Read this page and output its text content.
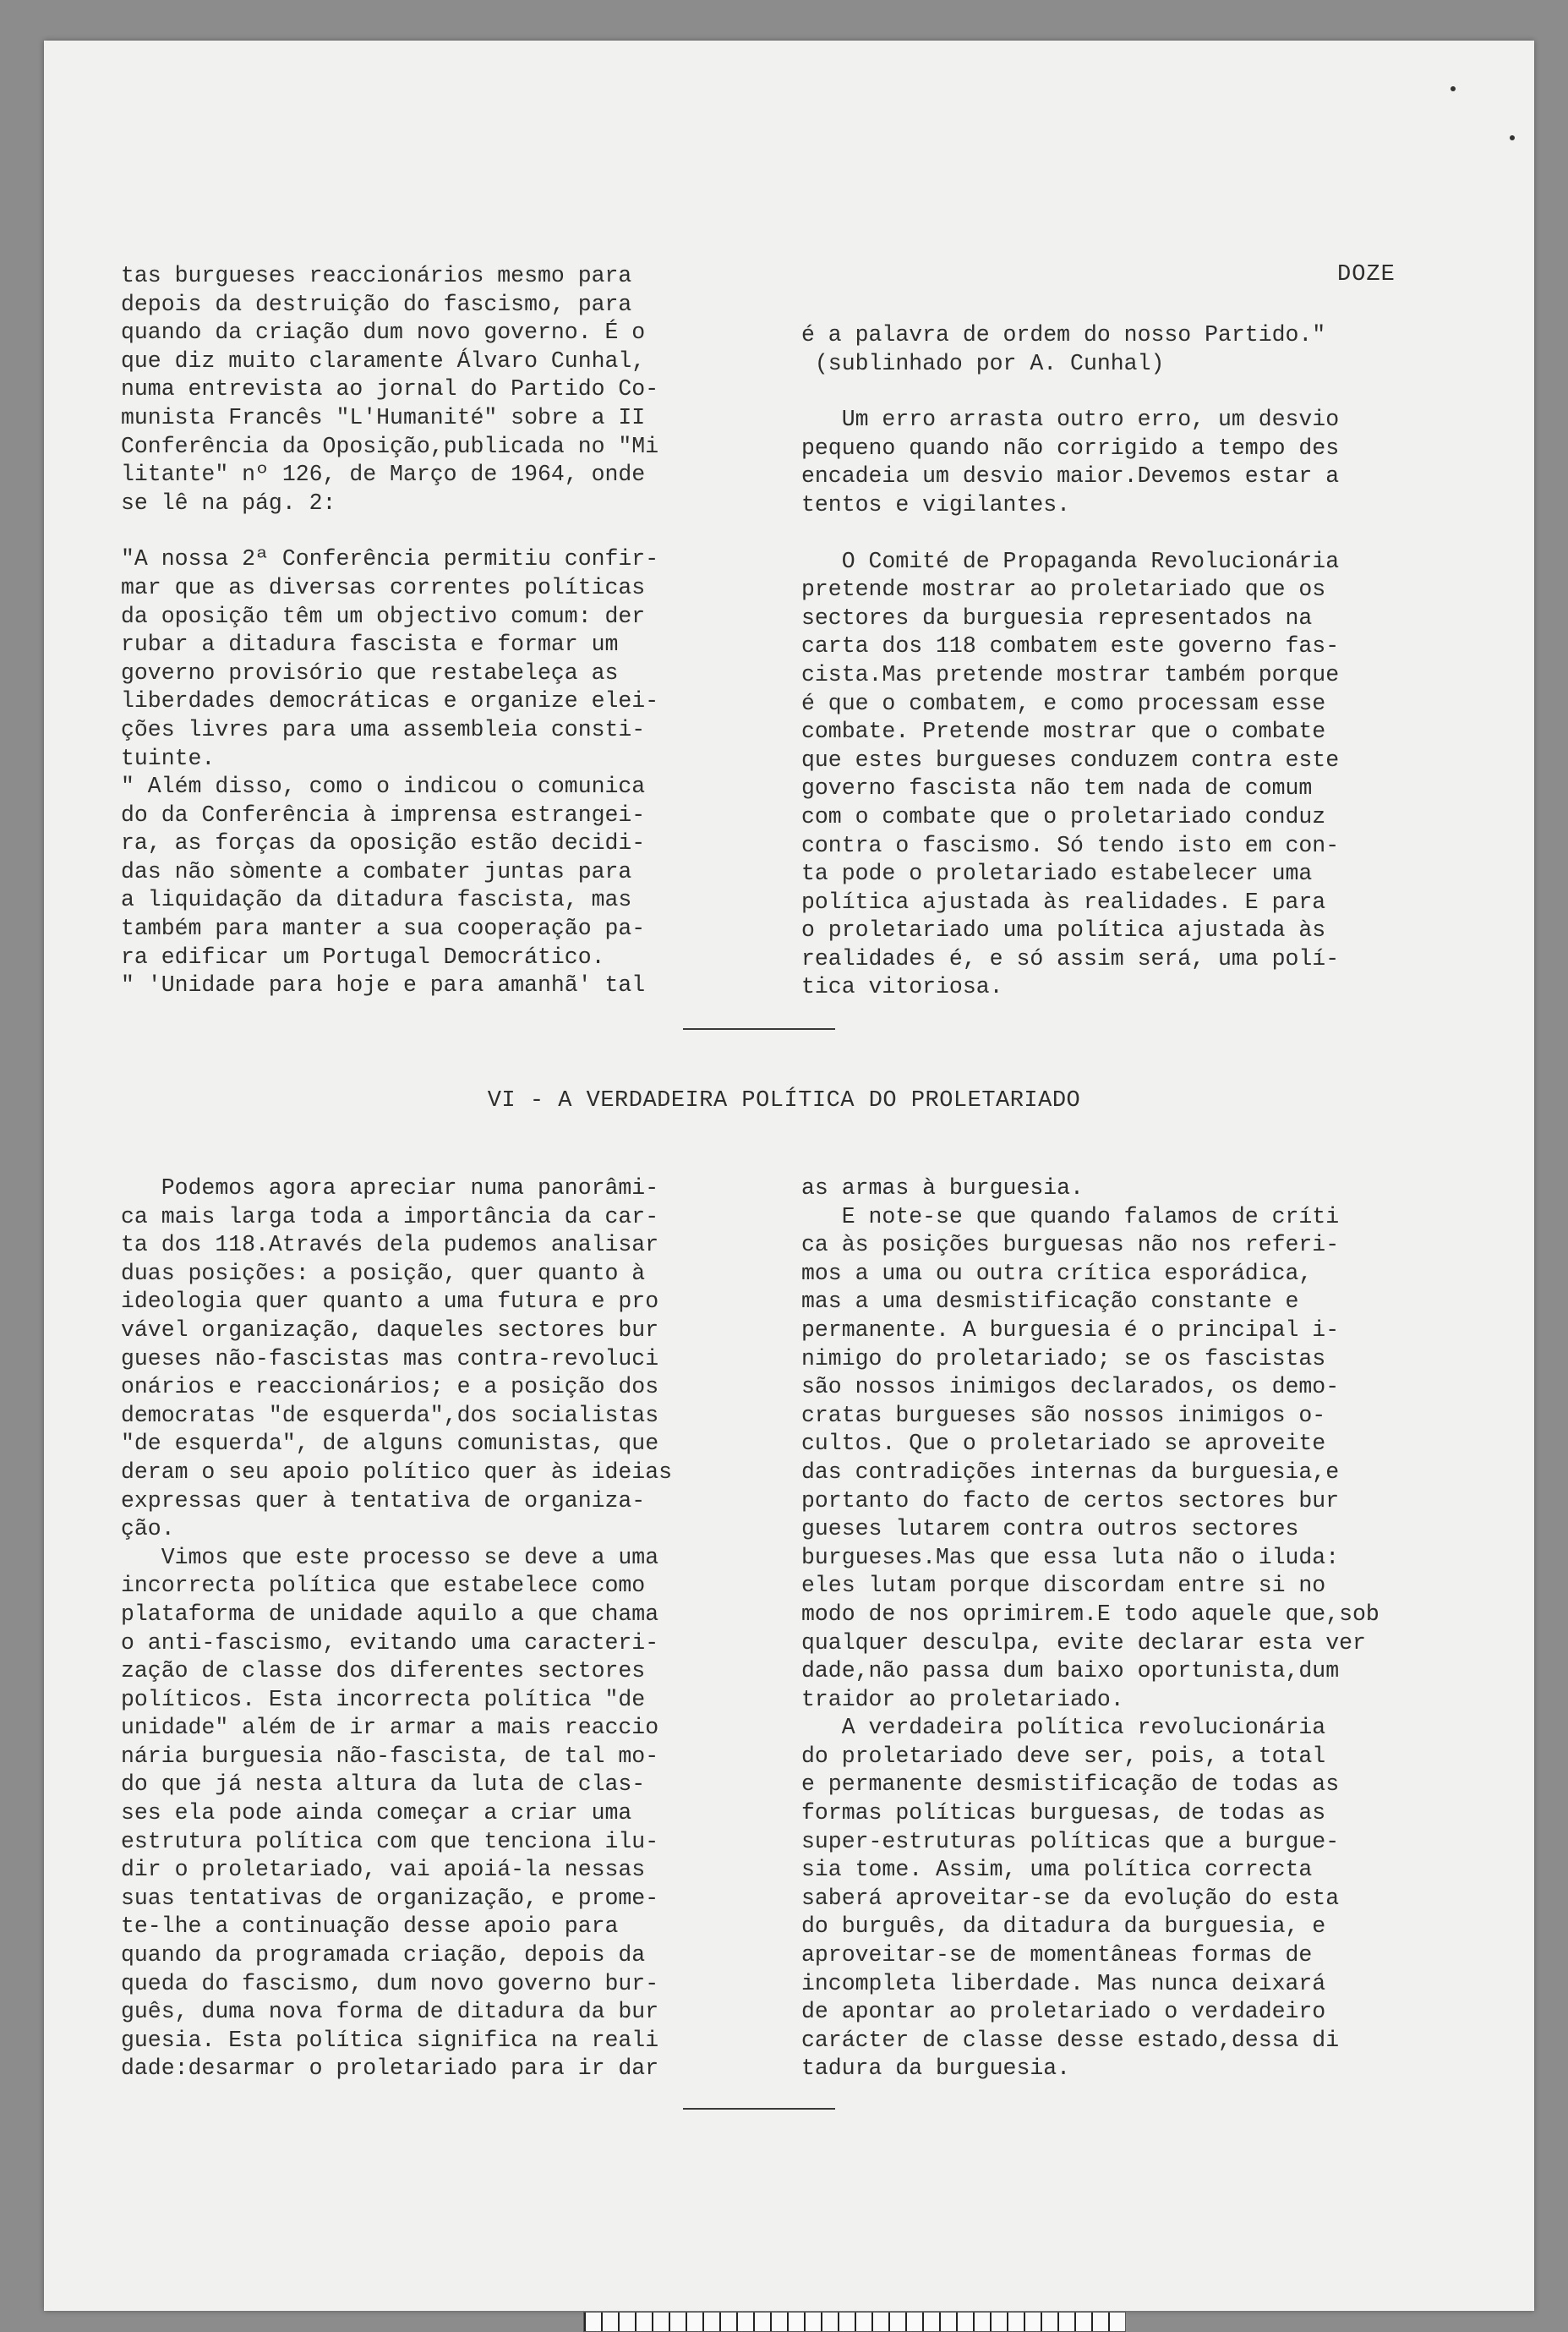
DOZE

tas burgueses reaccionários mesmo para

depois da destruição do fascismo, para

quando da criação dum novo governo. É o

que diz muito claramente Álvaro Cunhal,

numa entrevista ao jornal do Partido Co-

munista Francês "L'Humanité" sobre a II

Conferência da Oposição,publicada no "Mi

litante" nº 126, de Março de 1964, onde

se lê na pág. 2:

"A nossa 2ª Conferência permitiu confir-

mar que as diversas correntes políticas

da oposição têm um objectivo comum: der

rubar a ditadura fascista e formar um

governo provisório que restabeleça as

liberdades democráticas e organize elei-

ções livres para uma assembleia consti-

tuinte.

" Além disso, como o indicou o comunica

do da Conferência à imprensa estrangei-

ra, as forças da oposição estão decidi-

das não sòmente a combater juntas para

a liquidação da ditadura fascista, mas

também para manter a sua cooperação pa-

ra edificar um Portugal Democrático.

" 'Unidade para hoje e para amanhã' tal

é a palavra de ordem do nosso Partido."

(sublinhado por A. Cunhal)

Um erro arrasta outro erro, um desvio

pequeno quando não corrigido a tempo des

encadeia um desvio maior.Devemos estar a

tentos e vigilantes.

O Comité de Propaganda Revolucionária

pretende mostrar ao proletariado que os

sectores da burguesia representados na

carta dos 118 combatem este governo fas-

cista.Mas pretende mostrar também porque

é que o combatem, e como processam esse

combate. Pretende mostrar que o combate

que estes burgueses conduzem contra este

governo fascista não tem nada de comum

com o combate que o proletariado conduz

contra o fascismo. Só tendo isto em con-

ta pode o proletariado estabelecer uma

política ajustada às realidades. E para

o proletariado uma política ajustada às

realidades é, e só assim será, uma polí-

tica vitoriosa.

VI - A VERDADEIRA POLÍTICA DO PROLETARIADO

Podemos agora apreciar numa panorâmi-

ca mais larga toda a importância da car-

ta dos 118.Através dela pudemos analisar

duas posições: a posição, quer quanto à

ideologia quer quanto a uma futura e pro

vável organização, daqueles sectores bur

gueses não-fascistas mas contra-revoluci

onários e reaccionários; e a posição dos

democratas "de esquerda",dos socialistas

"de esquerda", de alguns comunistas, que

deram o seu apoio político quer às ideias

expressas quer à tentativa de organiza-

ção.

Vimos que este processo se deve a uma

incorrecta política que estabelece como

plataforma de unidade aquilo a que chama

o anti-fascismo, evitando uma caracteri-

zação de classe dos diferentes sectores

políticos. Esta incorrecta política "de

unidade" além de ir armar a mais reaccio

nária burguesia não-fascista, de tal mo-

do que já nesta altura da luta de clas-

ses ela pode ainda começar a criar uma

estrutura política com que tenciona ilu-

dir o proletariado, vai apoiá-la nessas

suas tentativas de organização, e prome-

te-lhe a continuação desse apoio para

quando da programada criação, depois da

queda do fascismo, dum novo governo bur-

guês, duma nova forma de ditadura da bur

guesia. Esta política significa na reali

dade:desarmar o proletariado para ir dar

as armas à burguesia.

E note-se que quando falamos de críti

ca às posições burguesas não nos referi-

mos a uma ou outra crítica esporádica,

mas a uma desmistificação constante e

permanente. A burguesia é o principal i-

nimigo do proletariado; se os fascistas

são nossos inimigos declarados, os demo-

cratas burgueses são nossos inimigos o-

cultos. Que o proletariado se aproveite

das contradições internas da burguesia,e

portanto do facto de certos sectores bur

gueses lutarem contra outros sectores

burgueses.Mas que essa luta não o iluda:

eles lutam porque discordam entre si no

modo de nos oprimirem.E todo aquele que,sob

qualquer desculpa, evite declarar esta ver

dade,não passa dum baixo oportunista,dum

traidor ao proletariado.

A verdadeira política revolucionária

do proletariado deve ser, pois, a total

e permanente desmistificação de todas as

formas políticas burguesas, de todas as

super-estruturas políticas que a burgue-

sia tome. Assim, uma política correcta

saberá aproveitar-se da evolução do esta

do burguês, da ditadura da burguesia, e

aproveitar-se de momentâneas formas de

incompleta liberdade. Mas nunca deixará

de apontar ao proletariado o verdadeiro

carácter de classe desse estado,dessa di

tadura da burguesia.
